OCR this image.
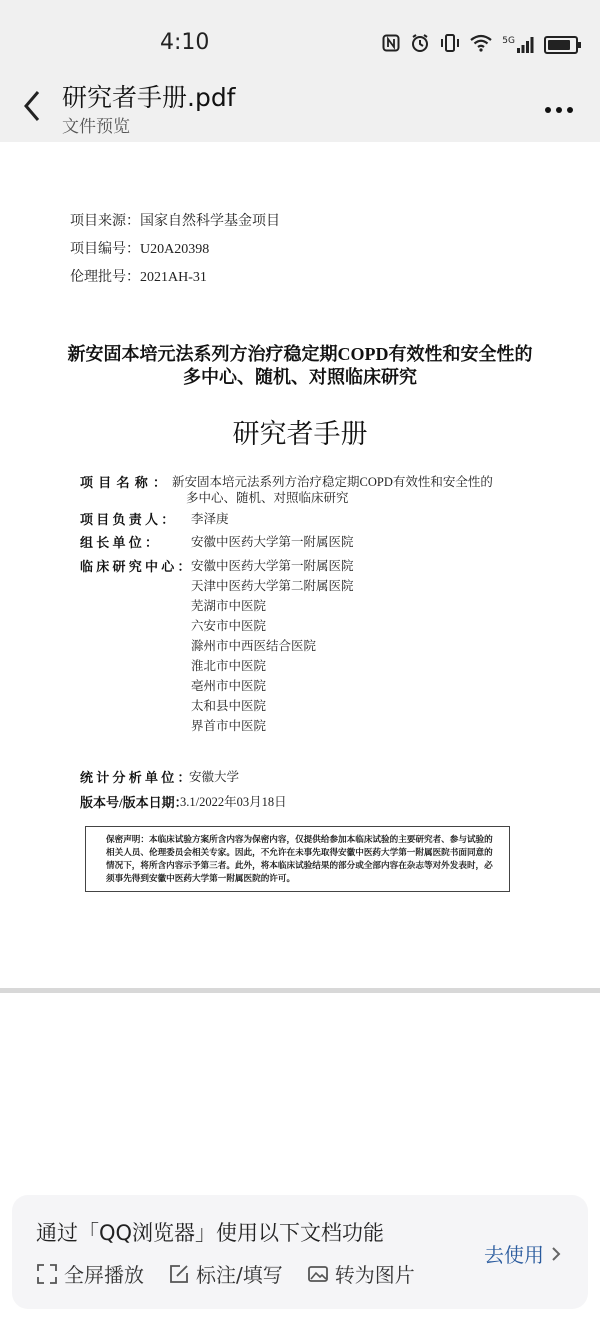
4:10	5G
研究者手册.pdf
文件预览
项目来源：国家自然科学基金项目
项目编号：U20A20398
伦理批号：2021AH-31
新安固本培元法系列方治疗稳定期COPD有效性和安全性的
多中心、随机、对照临床研究
研究者手册
项 目 名 称 ： 新安固本培元法系列方治疗稳定期COPD有效性和安全性的
多中心、随机、对照临床研究
项 目 负 责 人 ： 李泽庚
组 长 单 位 ：	安徽中医药大学第一附属医院
临 床 研 究 中 心 ： 安徽中医药大学第一附属医院
天津中医药大学第二附属医院
芜湖市中医院
六安市中医院
滁州市中西医结合医院
淮北市中医院
亳州市中医院
太和县中医院
界首市中医院
统 计 分 析 单 位 ：
安徽大学
版本号/版本日期：
3.1/2022年03月18日
保密声明：本临床试验方案所含内容为保密内容，仅提供给参加本临床试验的主要研究者、参与试验的相关人员、伦理委员会相关专家。因此，不允许在未事先取得安徽中医药大学第一附属医院书面同意的情况下，将所含内容示予第三者。此外，将本临床试验结果的部分或全部内容在杂志等对外发表时，必须事先得到安徽中医药大学第一附属医院的许可。
通过「QQ浏览器」使用以下文档功能
全屏播放	标注/填写	转为图片
去使用
